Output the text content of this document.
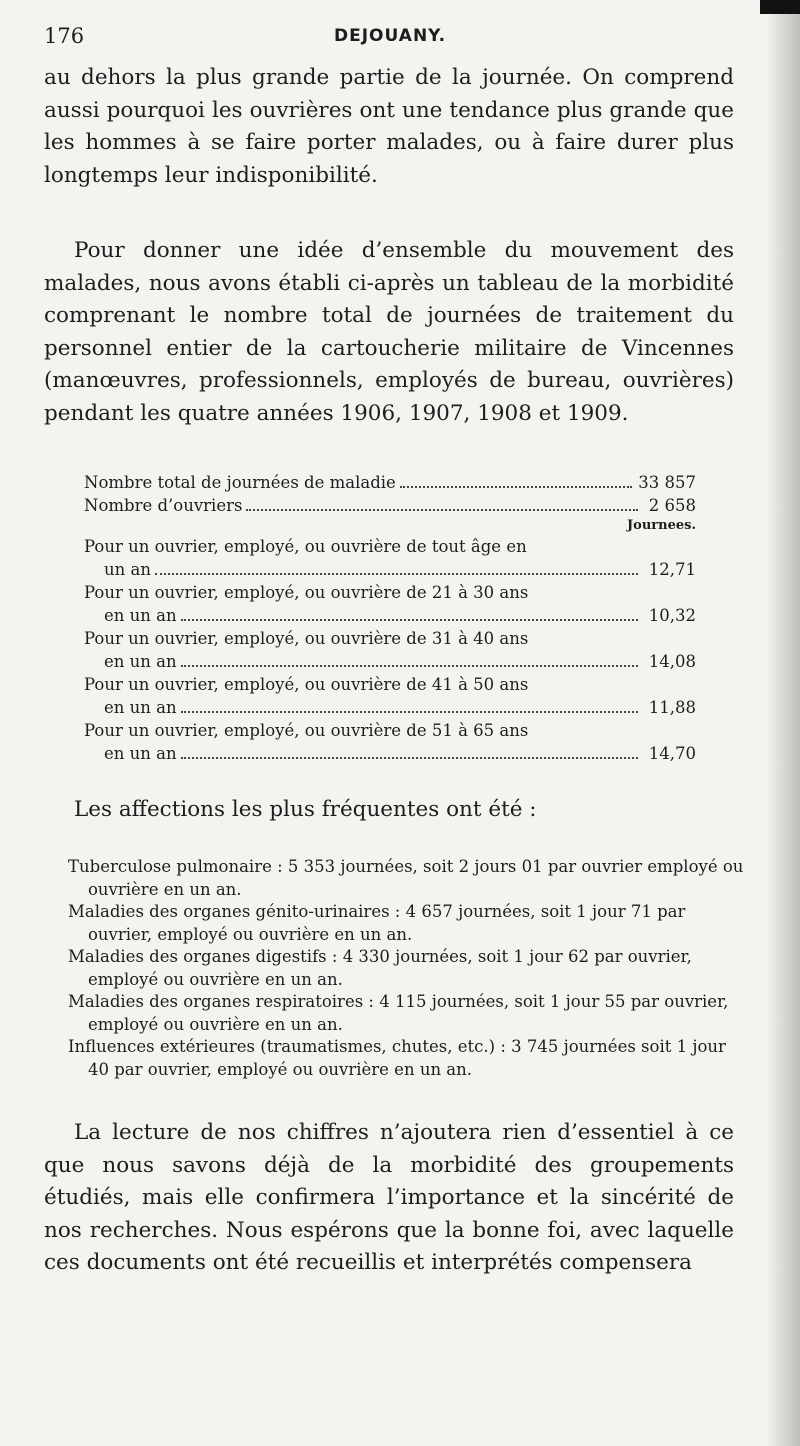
176	DEJOUANY.

au dehors la plus grande partie de la journée. On comprend aussi pourquoi les ouvrières ont une tendance plus grande que les hommes à se faire porter malades, ou à faire durer plus longtemps leur indisponibilité.

Pour donner une idée d’ensemble du mouvement des malades, nous avons établi ci-après un tableau de la morbidité comprenant le nombre total de journées de traitement du personnel entier de la cartoucherie militaire de Vincennes (manœuvres, professionnels, employés de bureau, ouvrières) pendant les quatre années 1906, 1907, 1908 et 1909.

Nombre total de journées de maladie	33 857
Nombre d’ouvriers	2 658
Journees.
Pour un ouvrier, employé, ou ouvrière de tout âge en
un an	12,71
Pour un ouvrier, employé, ou ouvrière de 21 à 30 ans
en un an	10,32
Pour un ouvrier, employé, ou ouvrière de 31 à 40 ans
en un an	14,08
Pour un ouvrier, employé, ou ouvrière de 41 à 50 ans
en un an	11,88
Pour un ouvrier, employé, ou ouvrière de 51 à 65 ans
en un an	14,70

Les affections les plus fréquentes ont été :

Tuberculose pulmonaire : 5 353 journées, soit 2 jours 01 par ouvrier employé ou ouvrière en un an.

Maladies des organes génito-urinaires : 4 657 journées, soit 1 jour 71 par ouvrier, employé ou ouvrière en un an.

Maladies des organes digestifs : 4 330 journées, soit 1 jour 62 par ouvrier, employé ou ouvrière en un an.

Maladies des organes respiratoires : 4 115 journées, soit 1 jour 55 par ouvrier, employé ou ouvrière en un an.

Influences extérieures (traumatismes, chutes, etc.) : 3 745 journées soit 1 jour 40 par ouvrier, employé ou ouvrière en un an.

La lecture de nos chiffres n’ajoutera rien d’essentiel à ce que nous savons déjà de la morbidité des groupements étudiés, mais elle confirmera l’importance et la sincérité de nos recherches. Nous espérons que la bonne foi, avec laquelle ces documents ont été recueillis et interprétés compensera
